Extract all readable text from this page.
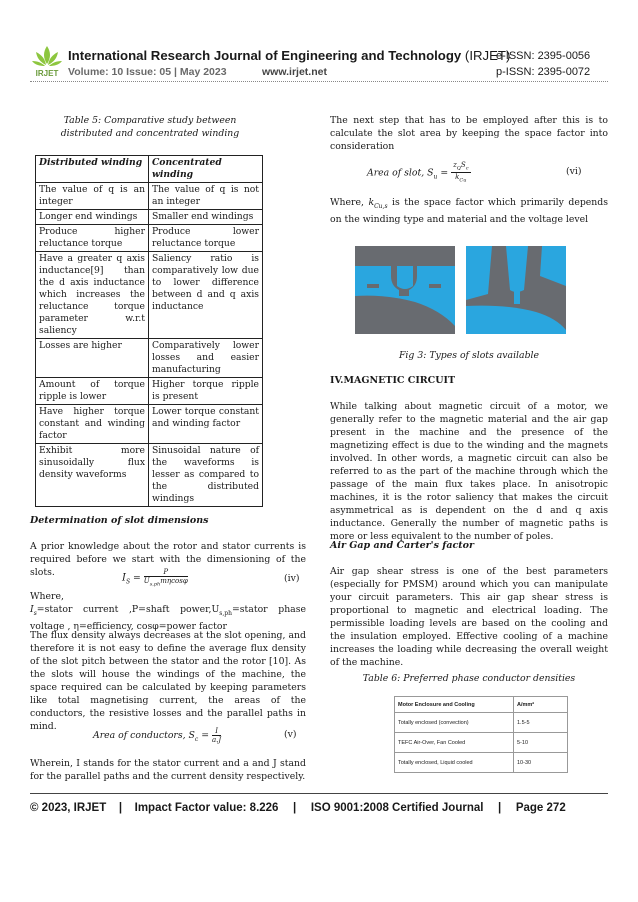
IRJET
International Research Journal of Engineering and Technology (IRJET)
e-ISSN: 2395-0056
Volume: 10 Issue: 05 | May 2023	www.irjet.net	p-ISSN: 2395-0072
Table 5: Comparative study between distributed and concentrated winding
Distributed winding	Concentrated winding
The value of q is an integer	The value of q is not an integer
Longer end windings	Smaller end windings
Produce higher reluctance torque	Produce lower reluctance torque
Have a greater q axis inductance[9] than the d axis inductance which increases the reluctance torque parameter w.r.t saliency	Saliency ratio is comparatively low due to lower difference between d and q axis inductance
Losses are higher	Comparatively lower losses and easier manufacturing
Amount of torque ripple is lower	Higher torque ripple is present
Have higher torque constant and winding factor	Lower torque constant and winding factor
Exhibit more sinusoidally flux density waveforms	Sinusoidal nature of the waveforms is lesser as compared to the distributed windings
Determination of slot dimensions
A prior knowledge about the rotor and stator currents is required before we start with the dimensioning of the slots.
$I_S$ =
P
$U_{s,ph}m\eta\cos\varphi$	(iv)
Where,
$I_s=stator$ current ,P=shaft $power,U_{s,ph}=stator$ phase voltage , η=efficiency, cosφ=power factor
The flux density always decreases at the slot opening, and therefore it is not easy to define the average flux density of the slot pitch between the stator and the rotor [10]. As the slots will house the windings of the machine, the space required can be calculated by keeping parameters like total magnetising current, the areas of the conductors, the resistive losses and the parallel paths in mind.
Area of conductors, $S_c = \frac{I}{a.J}$	(v)
Wherein, I stands for the stator current and a and J stand for the parallel paths and the current density respectively.
The next step that has to be employed after this is to calculate the slot area by keeping the space factor into consideration
Area of slot, $S_u$ =
$z_QS_c$
$k_{Cu}$
(vi)
Where, $k_{Cu,s}$ is the space factor which primarily depends on the winding type and material and the voltage level
Fig 3: Types of slots available
IV.MAGNETIC CIRCUIT
While talking about magnetic circuit of a motor, we generally refer to the magnetic material and the air gap present in the machine and the presence of the magnetizing effect is due to the winding and the magnets involved. In other words, a magnetic circuit can also be referred to as the part of the machine through which the passage of the main flux takes place. In anisotropic machines, it is the rotor saliency that makes the circuit asymmetrical as is dependent on the d and q axis inductance. Generally the number of magnetic paths is more or less equivalent to the number of poles.
Air Gap and Carter's factor
Air gap shear stress is one of the best parameters (especially for PMSM) around which you can manipulate your circuit parameters. This air gap shear stress is proportional to magnetic and electrical loading. The permissible loading levels are based on the cooling and the insulation employed. Effective cooling of a machine increases the loading while decreasing the overall weight of the machine.
Table 6: Preferred phase conductor densities
Motor Enclosure and Cooling	A/mm²
Totally enclosed (convection)	1.5-5
TEFC Air-Over, Fan Cooled	5-10
Totally enclosed, Liquid cooled	10-30
© 2023, IRJET | Impact Factor value: 8.226 | ISO 9001:2008 Certified Journal | Page 272
